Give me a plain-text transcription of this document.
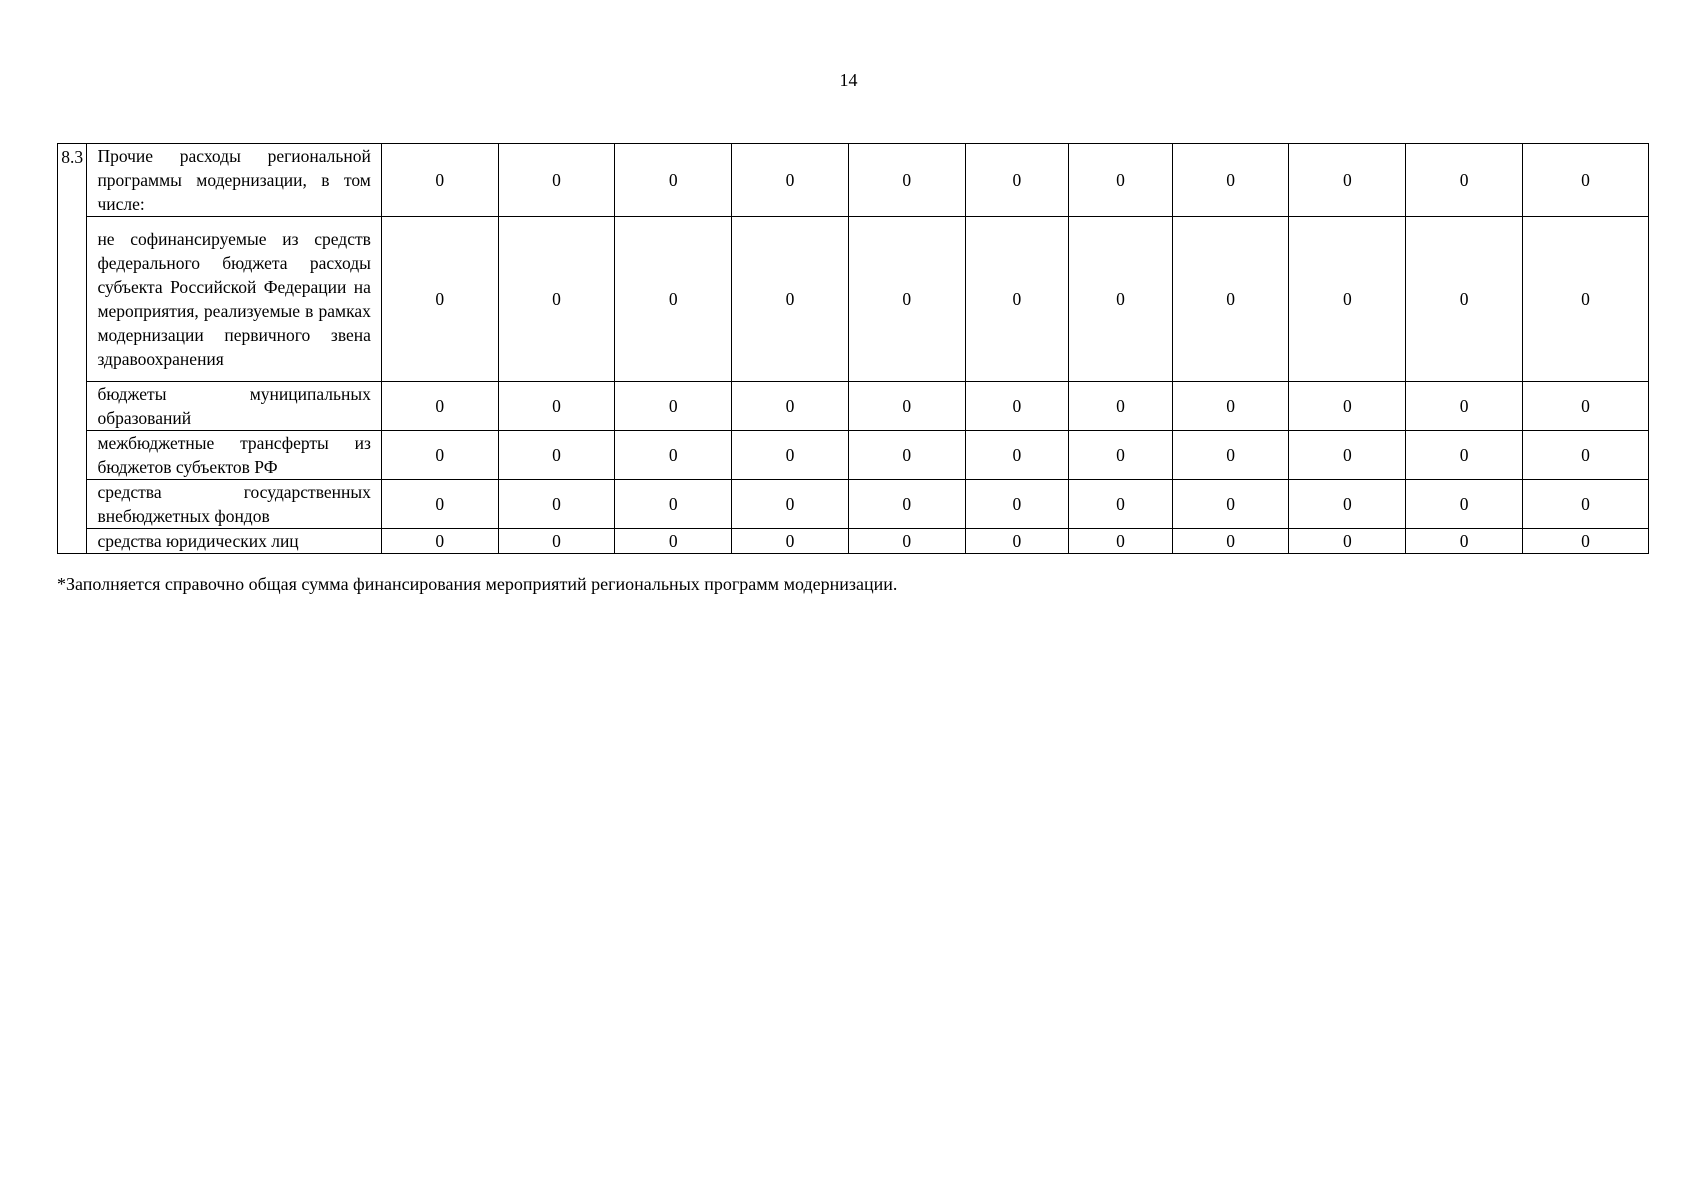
14
8.3	Прочие расходы региональной программы модернизации, в том числе:	0	0	0	0	0	0	0	0	0	0	0
	не софинансируемые из средств федерального бюджета расходы субъекта Российской Федерации на мероприятия, реализуемые в рамках модернизации первичного звена здравоохранения	0	0	0	0	0	0	0	0	0	0	0
	бюджеты муниципальных образований	0	0	0	0	0	0	0	0	0	0	0
	межбюджетные трансферты из бюджетов субъектов РФ	0	0	0	0	0	0	0	0	0	0	0
	средства государственных внебюджетных фондов	0	0	0	0	0	0	0	0	0	0	0
	средства юридических лиц	0	0	0	0	0	0	0	0	0	0	0
*Заполняется справочно общая сумма финансирования мероприятий региональных программ модернизации.
